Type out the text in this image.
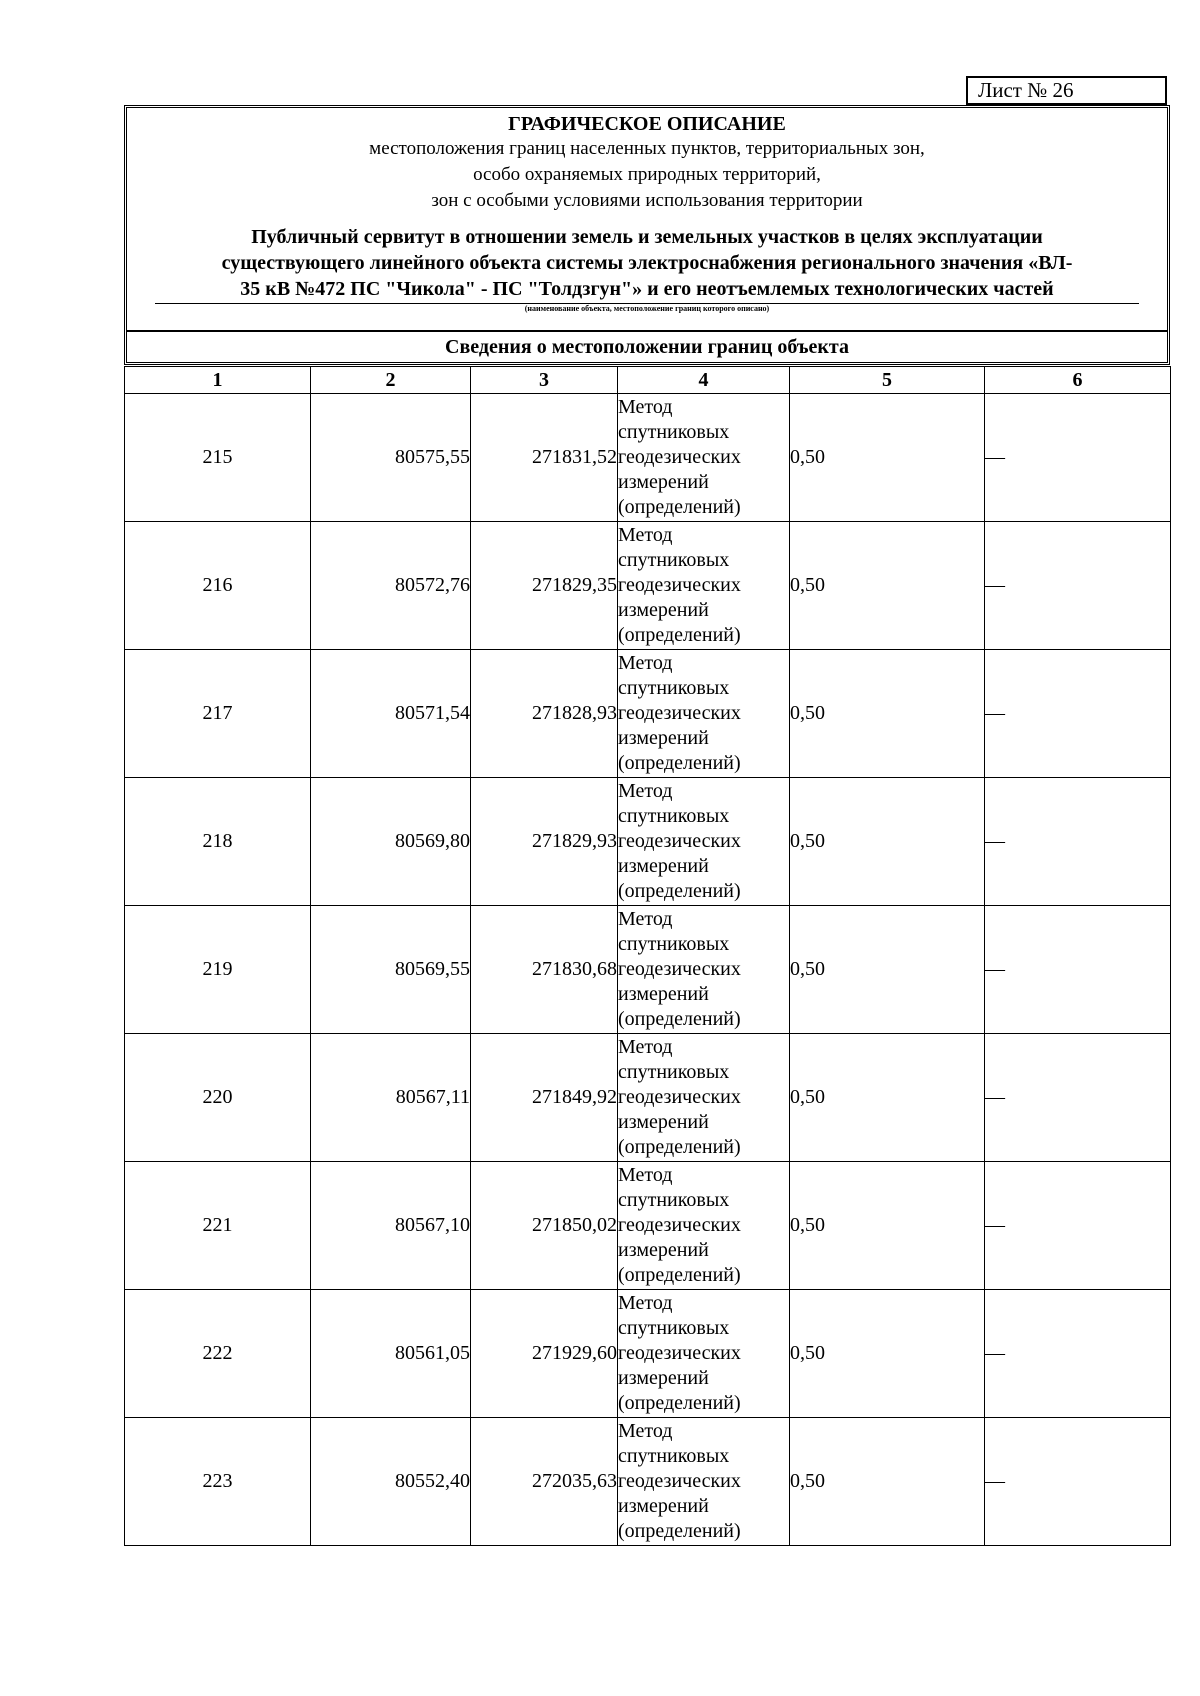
Лист № 26
ГРАФИЧЕСКОЕ ОПИСАНИЕ
местоположения границ населенных пунктов, территориальных зон,
особо охраняемых природных территорий,
зон с особыми условиями использования территории
Публичный сервитут в отношении земель и земельных участков в целях эксплуатации
существующего линейного объекта системы электроснабжения регионального значения «ВЛ-
35 кВ №472 ПС "Чикола" - ПС "Толдзгун"» и его неотъемлемых технологических частей
(наименование объекта, местоположение границ которого описано)
Сведения о местоположении границ объекта
1	2	3	4	5	6
215	80575,55	271831,52	Метод
спутниковых
геодезических
измерений
(определений)	0,50	—
216	80572,76	271829,35	Метод
спутниковых
геодезических
измерений
(определений)	0,50	—
217	80571,54	271828,93	Метод
спутниковых
геодезических
измерений
(определений)	0,50	—
218	80569,80	271829,93	Метод
спутниковых
геодезических
измерений
(определений)	0,50	—
219	80569,55	271830,68	Метод
спутниковых
геодезических
измерений
(определений)	0,50	—
220	80567,11	271849,92	Метод
спутниковых
геодезических
измерений
(определений)	0,50	—
221	80567,10	271850,02	Метод
спутниковых
геодезических
измерений
(определений)	0,50	—
222	80561,05	271929,60	Метод
спутниковых
геодезических
измерений
(определений)	0,50	—
223	80552,40	272035,63	Метод
спутниковых
геодезических
измерений
(определений)	0,50	—
